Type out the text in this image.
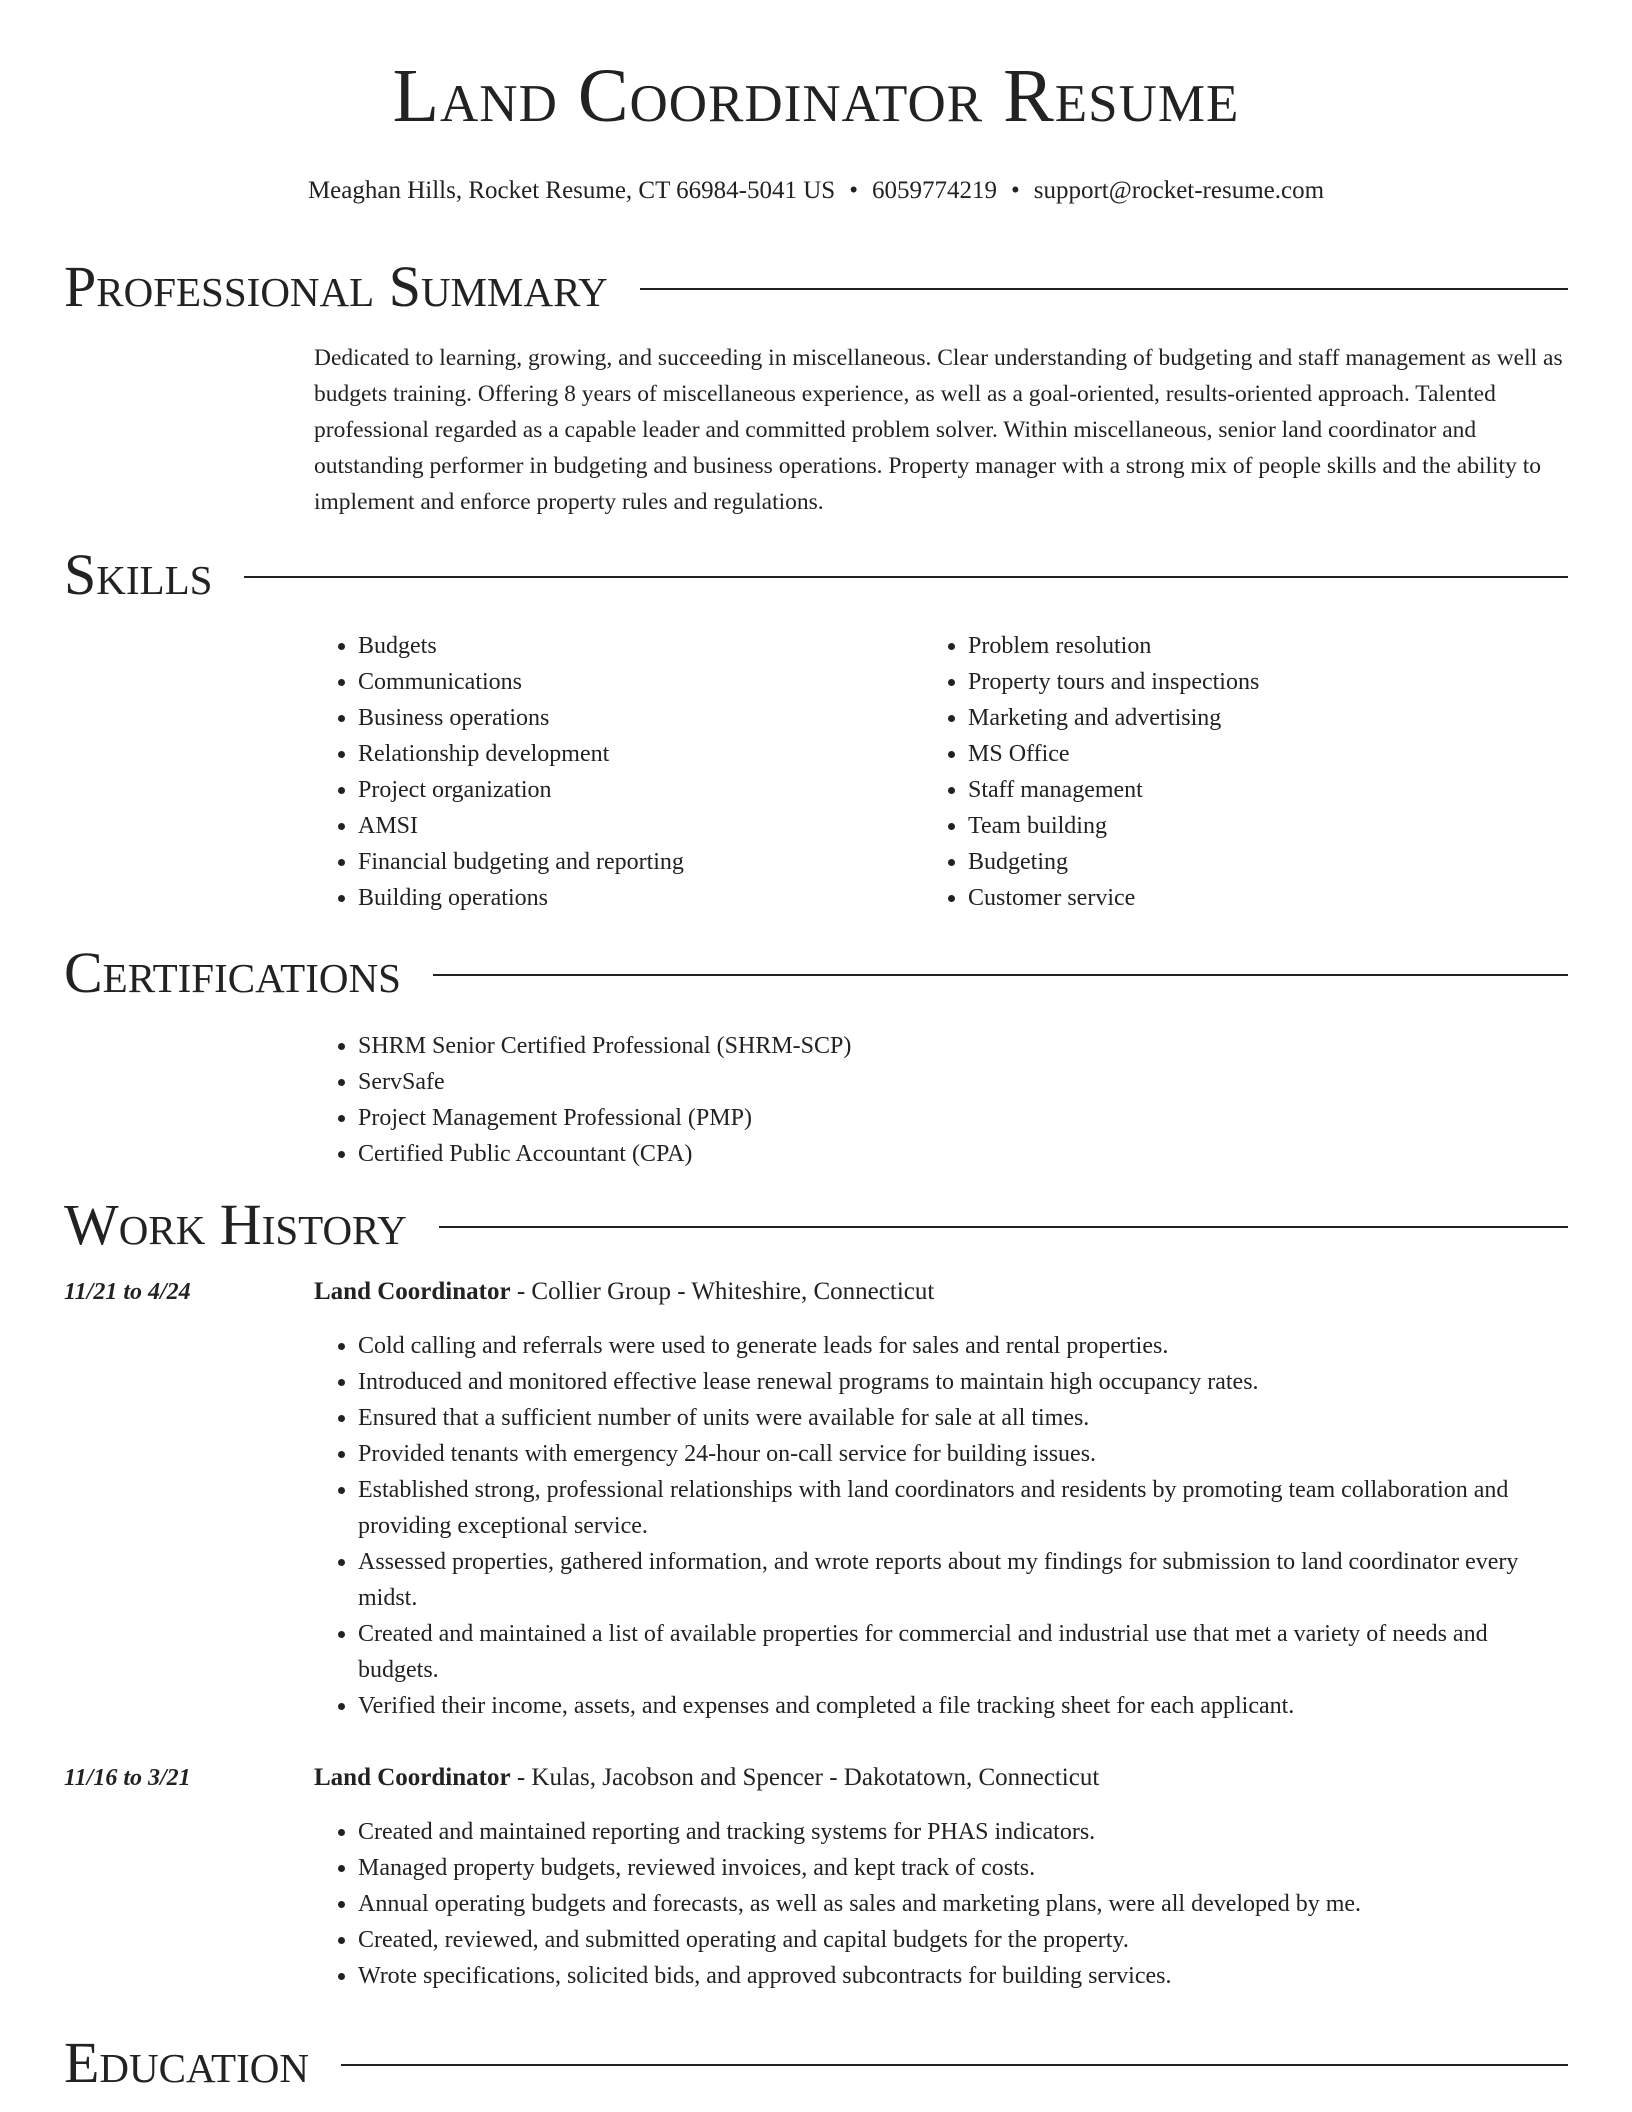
Land Coordinator Resume
Meaghan Hills, Rocket Resume, CT 66984-5041 US • 6059774219 • support@rocket-resume.com
Professional Summary

Dedicated to learning, growing, and succeeding in miscellaneous. Clear understanding of budgeting and staff management as well as budgets training. Offering 8 years of miscellaneous experience, as well as a goal-oriented, results-oriented approach. Talented professional regarded as a capable leader and committed problem solver. Within miscellaneous, senior land coordinator and outstanding performer in budgeting and business operations. Property manager with a strong mix of people skills and the ability to implement and enforce property rules and regulations.

Skills
• Budgets
• Communications
• Business operations
• Relationship development
• Project organization
• AMSI
• Financial budgeting and reporting
• Building operations
• Problem resolution
• Property tours and inspections
• Marketing and advertising
• MS Office
• Staff management
• Team building
• Budgeting
• Customer service
Certifications
• SHRM Senior Certified Professional (SHRM-SCP)
• ServSafe
• Project Management Professional (PMP)
• Certified Public Accountant (CPA)
Work History
11/21 to 4/24	Land Coordinator - Collier Group - Whiteshire, Connecticut
• Cold calling and referrals were used to generate leads for sales and rental properties.
• Introduced and monitored effective lease renewal programs to maintain high occupancy rates.
• Ensured that a sufficient number of units were available for sale at all times.
• Provided tenants with emergency 24-hour on-call service for building issues.
• Established strong, professional relationships with land coordinators and residents by promoting team collaboration and providing exceptional service.
• Assessed properties, gathered information, and wrote reports about my findings for submission to land coordinator every midst.
• Created and maintained a list of available properties for commercial and industrial use that met a variety of needs and budgets.
• Verified their income, assets, and expenses and completed a file tracking sheet for each applicant.
11/16 to 3/21	Land Coordinator - Kulas, Jacobson and Spencer - Dakotatown, Connecticut
• Created and maintained reporting and tracking systems for PHAS indicators.
• Managed property budgets, reviewed invoices, and kept track of costs.
• Annual operating budgets and forecasts, as well as sales and marketing plans, were all developed by me.
• Created, reviewed, and submitted operating and capital budgets for the property.
• Wrote specifications, solicited bids, and approved subcontracts for building services.
Education
